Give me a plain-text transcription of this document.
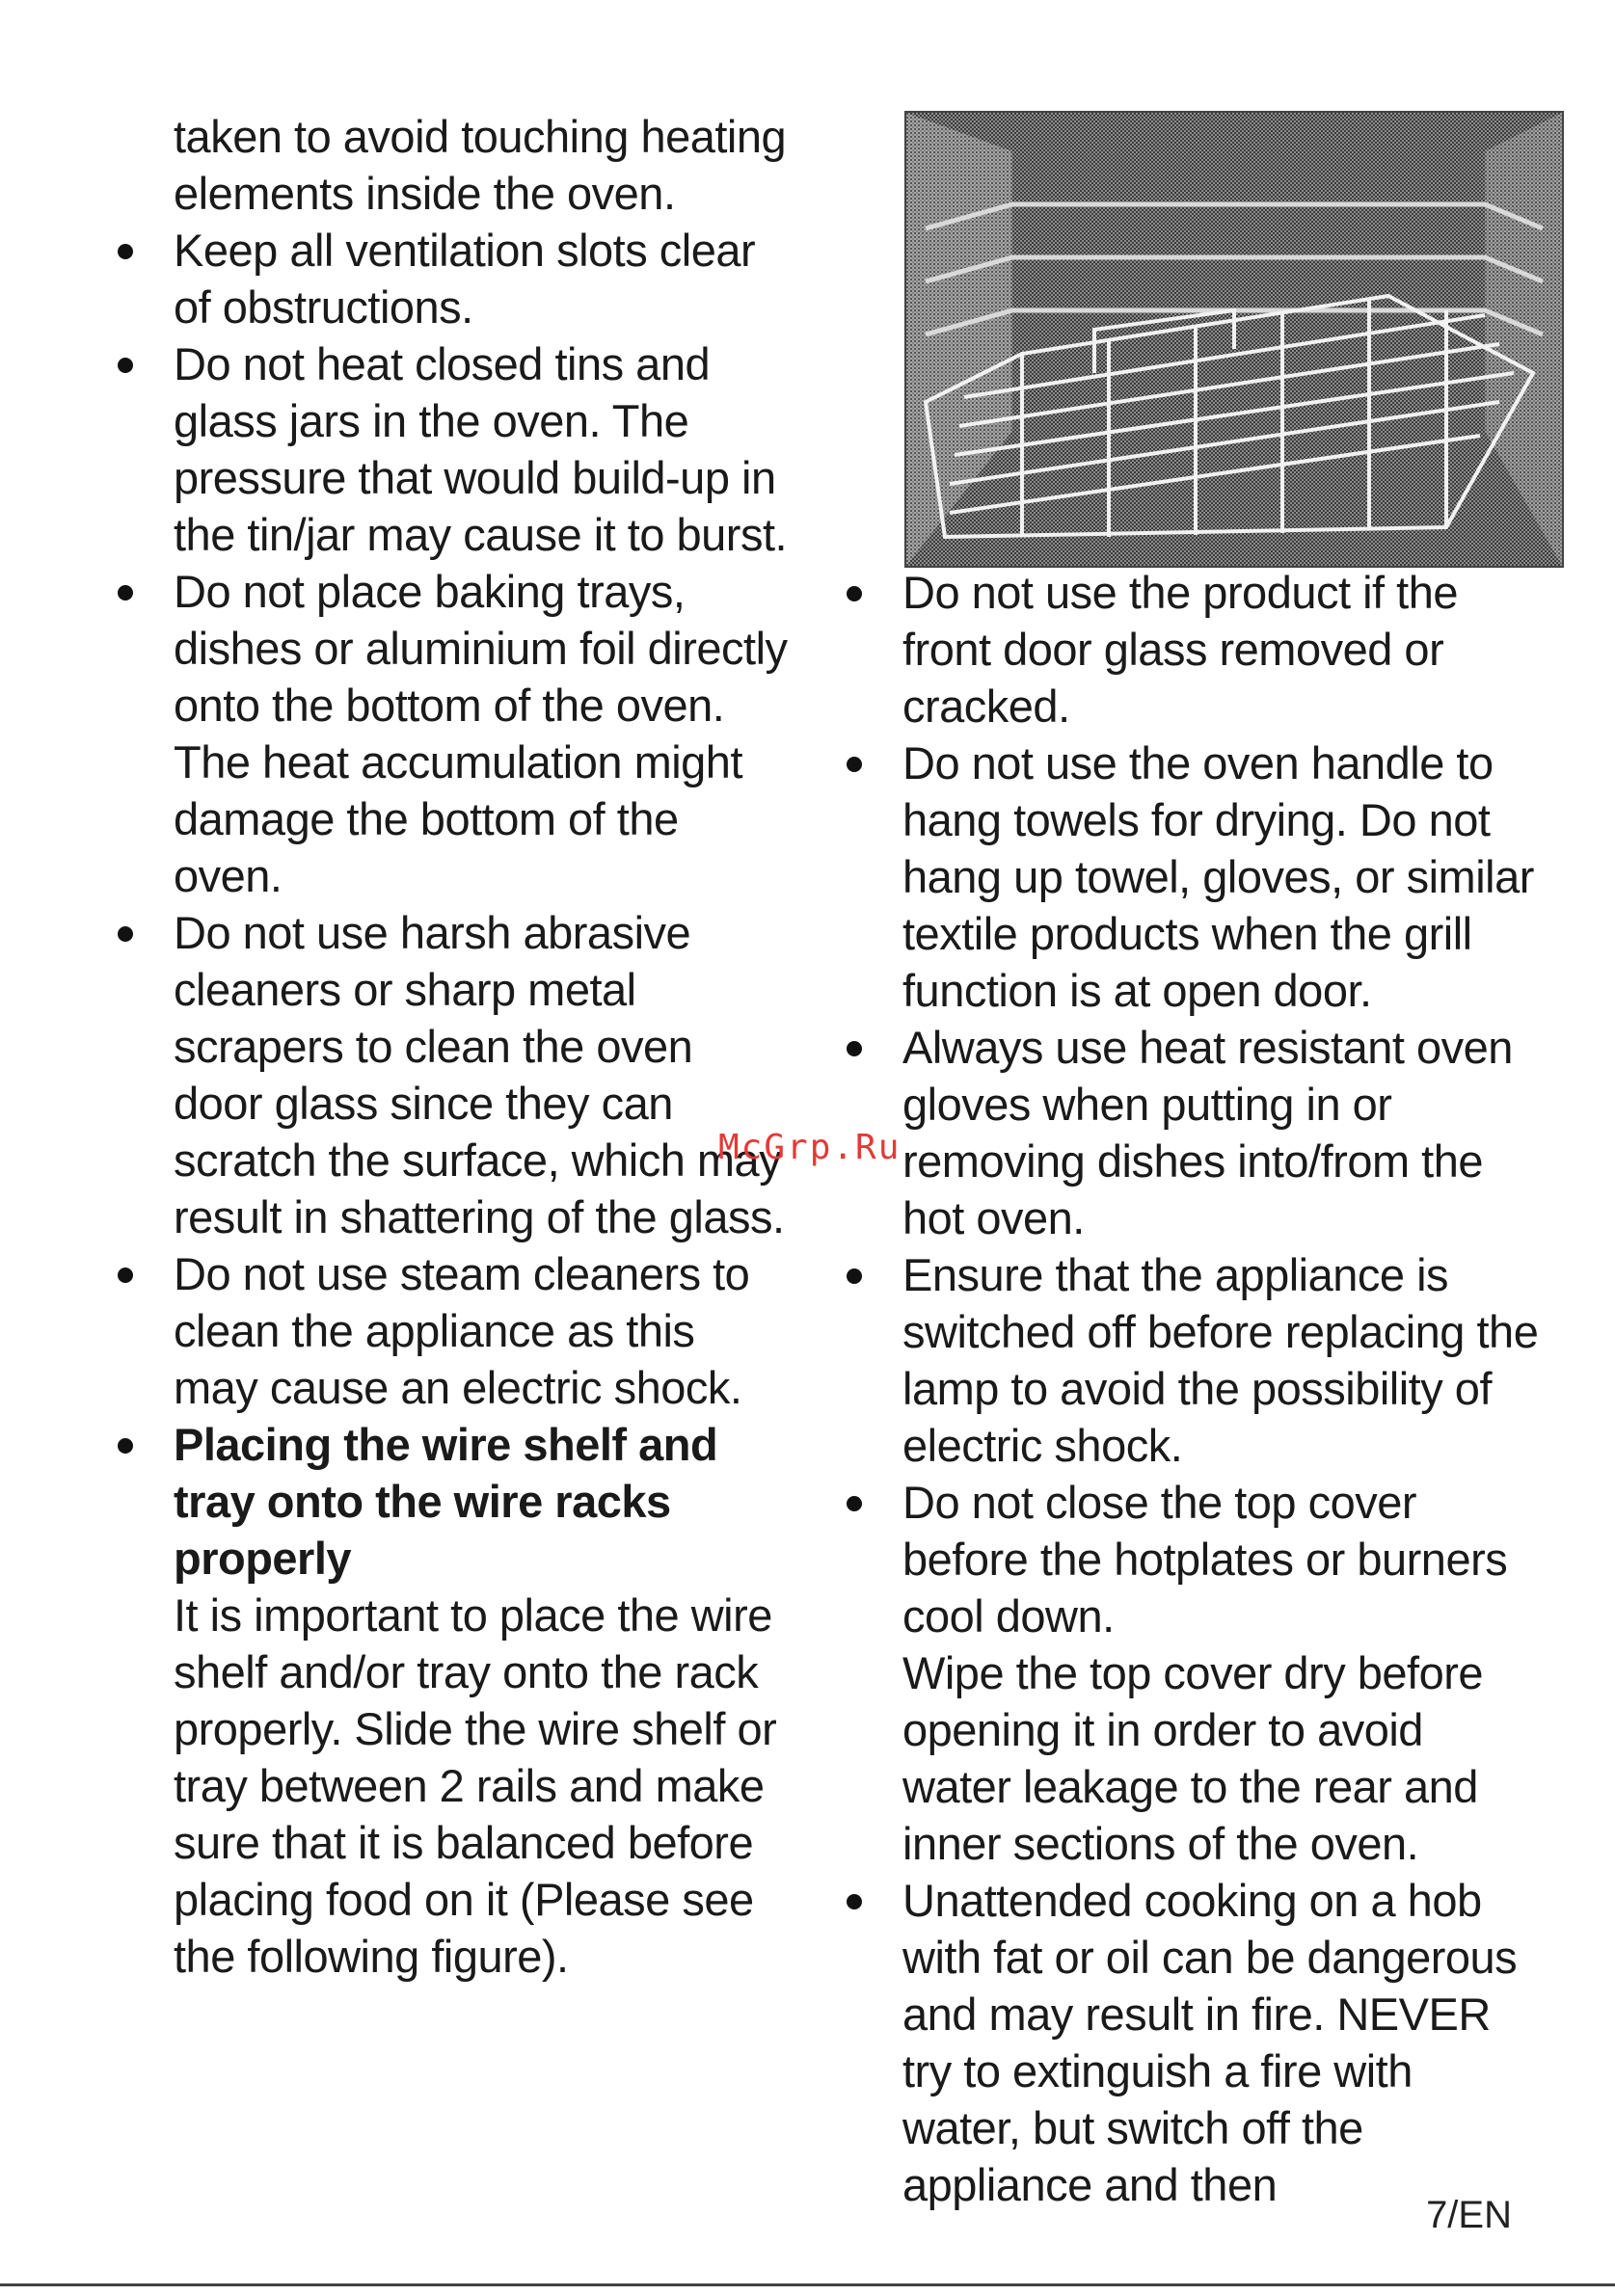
taken to avoid touching heating elements inside the oven.
Keep all ventilation slots clear of obstructions.
Do not heat closed tins and glass jars in the oven. The pressure that would build-up in the tin/jar may cause it to burst.
Do not place baking trays, dishes or aluminium foil directly onto the bottom of the oven. The heat accumulation might damage the bottom of the oven.
Do not use harsh abrasive cleaners or sharp metal scrapers to clean the oven door glass since they can scratch the surface, which may result in shattering of the glass.
Do not use steam cleaners to clean the appliance as this may cause an electric shock.
Placing the wire shelf and tray onto the wire racks properly
It is important to place the wire shelf and/or tray onto the rack properly. Slide the wire shelf or tray between 2 rails and make sure that it is balanced before placing food on it (Please see the following figure).
Do not use the product if the front door glass removed or cracked.
Do not use the oven handle to hang towels for drying. Do not hang up towel, gloves, or similar textile products when the grill function is at open door.
Always use heat resistant oven gloves when putting in or removing dishes into/from the hot oven.
Ensure that the appliance is switched off before replacing the lamp to avoid the possibility of electric shock.
Do not close the top cover before the hotplates or burners cool down.
Wipe the top cover dry before opening it in order to avoid water leakage to the rear and inner sections of the oven.
Unattended cooking on a hob with fat or oil can be dangerous and may result in fire. NEVER try to extinguish a fire with water, but switch off the appliance and then
McGrp.Ru
7/EN
